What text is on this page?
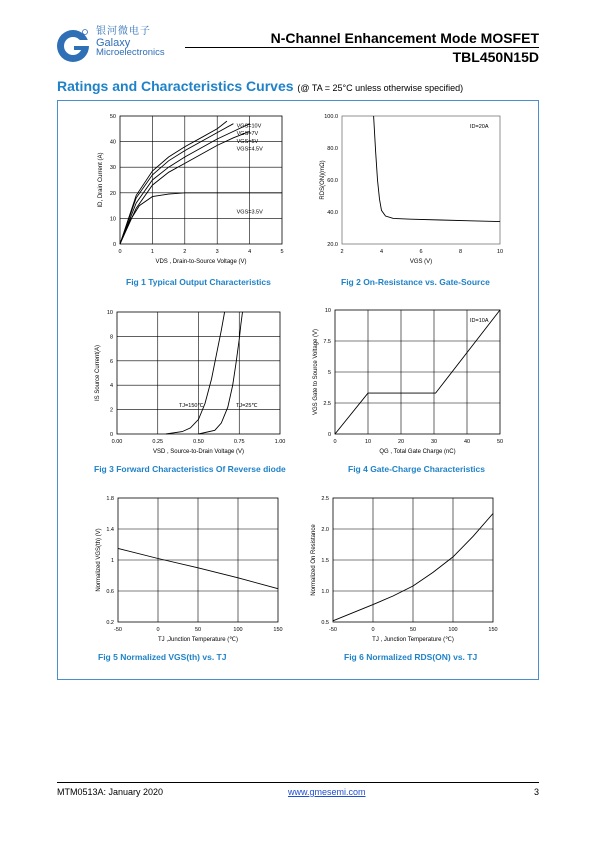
银河微电子
Galaxy
Microelectronics
N-Channel Enhancement Mode MOSFET
TBL450N15D
Ratings and Characteristics Curves (@ TA = 25°C unless otherwise specified)
0	1	2	3	4	5
0
10
20
30
40
50
VDS , Drain-to-Source Voltage (V)
ID, Drain Current (A)
VGS=10V
VGS=7V
VGS=5V
VGS=4.5V
VGS=3.5V
2	4	6	8	10
20.0
40.0
60.0
80.0
100.0
VGS (V)
RDS(ON)(mΩ)
ID=20A
0.00	0.25	0.50	0.75	1.00
0
2
4
6
8
10
VSD , Source-to-Drain Voltage (V)
IS Source Current(A)
TJ=150℃	TJ=25℃
0	10	20	30	40	50
0
2.5
5
7.5
10
QG , Total Gate Charge (nC)
VGS Gate to Source Voltage (V)
ID=10A
-50	0	50	100	150
0.2
0.6
1
1.4
1.8
TJ ,Junction Temperature (℃)
Normalized VGS(th) (V)
-50	0	50	100	150
0.5
1.0
1.5
2.0
2.5
TJ , Junction Temperature (℃)
Normalized On Resistance
Fig 1 Typical Output Characteristics	Fig 2 On-Resistance vs. Gate-Source
Fig 3 Forward Characteristics Of Reverse diode	Fig 4 Gate-Charge Characteristics
Fig 5 Normalized VGS(th) vs. TJ	Fig 6 Normalized RDS(ON) vs. TJ
MTM0513A: January 2020	www.gmesemi.com	3
